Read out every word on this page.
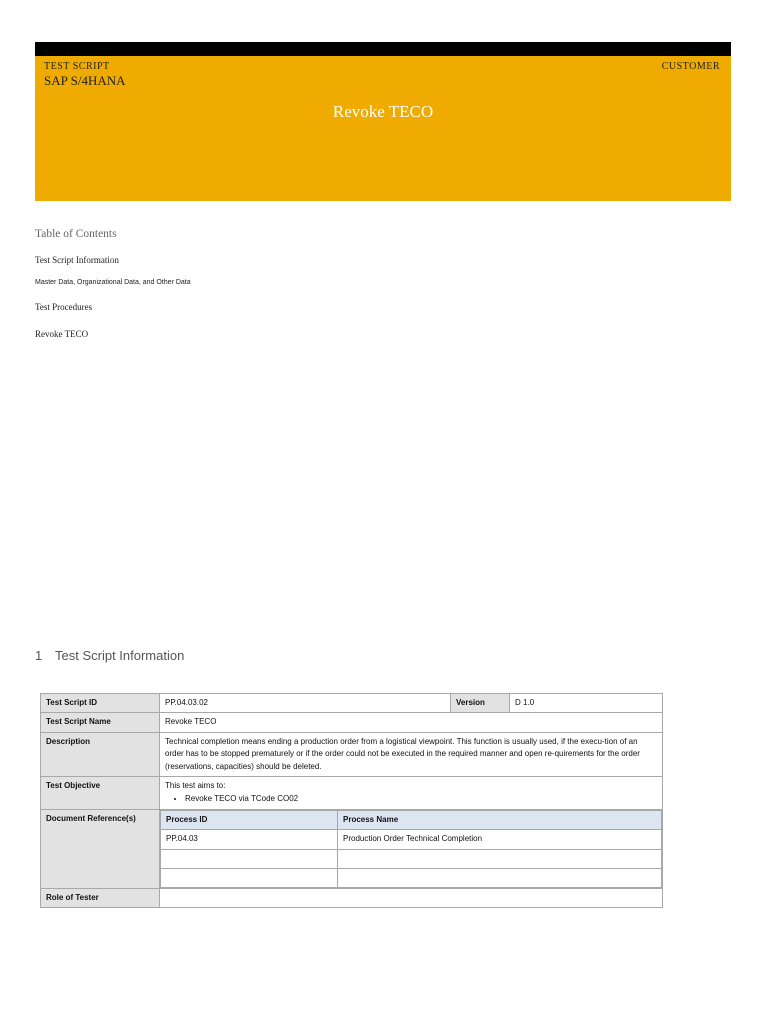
TEST SCRIPT
SAP S/4HANA
CUSTOMER
Revoke TECO
Table of Contents
Test Script Information
Master Data, Organizational Data, and Other Data
Test Procedures
Revoke TECO
1 Test Script Information
Test Script ID	PP.04.03.02	Version	D 1.0
Test Script Name	Revoke TECO
Description	Technical completion means ending a production order from a logistical viewpoint. This function is usually used, if the execu-tion of an order has to be stopped prematurely or if the order could not be executed in the required manner and open re-quirements for the order (reservations, capacities) should be deleted.
Test Objective	This test aims to:
• Revoke TECO via TCode CO02

Document Reference(s)		Process ID	Process Name
PP.04.03	Production Order Technical Completion

Role of Tester	
